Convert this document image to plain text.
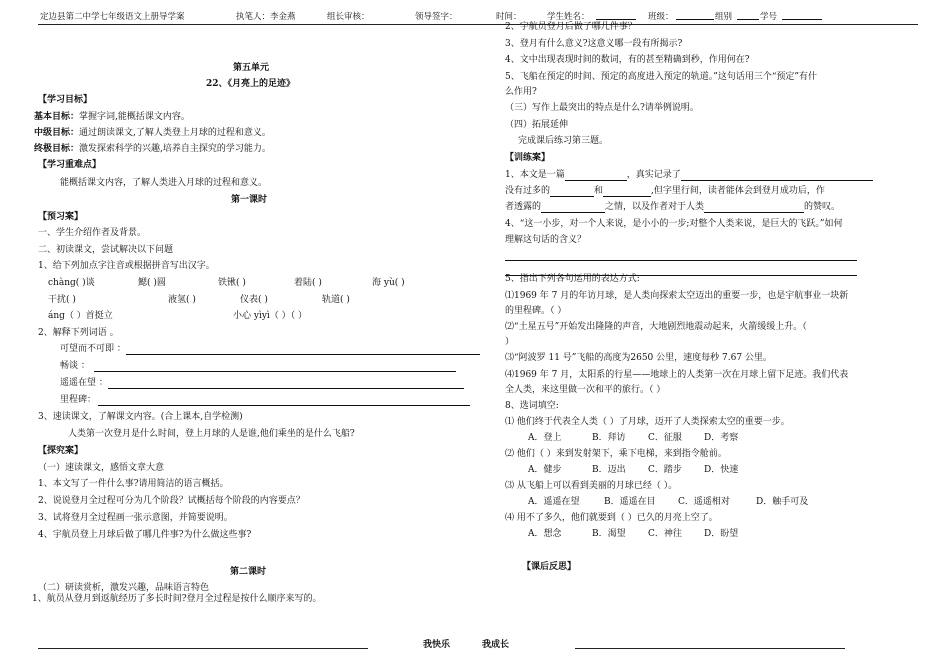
定边县第二中学七年级语文上册导学案	执笔人：李金燕	组长审核：	领导签字：	时间：	学生姓名：	班级：	组别	学号
第五单元
22、《月亮上的足迹》
【学习目标】
基本目标：掌握字词,能概括课文内容。
中级目标：通过朗读课文,了解人类登上月球的过程和意义。
终极目标：激发探索科学的兴趣,培养自主探究的学习能力。
【学习重难点】
能概括课文内容，了解人类进入月球的过程和意义。
第一课时
【预习案】
一、学生介绍作者及背景。
二、初读课文，尝试解决以下问题
1、给下列加点字注音或根据拼音写出汉字。
chàng( )谈	鳃( )圆	铁锹( )	着陆( )	海 yù( )
干扰( )	液氢( )	仪表( )	轨道( )
áng（ ）首挺立	小心 yìyì（ ）（ ）
2、解释下列词语 。
可望而不可即 ：
畅谈 ：
遥遥在望 ：
里程碑：
3、速读课文，了解课文内容。(合上课本,自学检测)
人类第一次登月是什么时间，登上月球的人是谁,他们乘坐的是什么飞船?
【探究案】
（一）速读课文，感悟文章大意
1、本文写了一件什么事?请用简洁的语言概括。
2、说说登月全过程可分为几个阶段？试概括每个阶段的内容要点？
3、试将登月全过程画一张示意图，并简要说明。
4、宇航员登上月球后做了哪几件事?为什么做这些事?
第二课时
（二）研读赏析，激发兴趣，品味语言特色
1、航员从登月到返航经历了多长时间?登月全过程是按什么顺序来写的。
2、宇航员登月后做了哪几件事？
3、登月有什么意义?这意义哪一段有所揭示?
4、文中出现表现时间的数词，有的甚至精确到秒，作用何在?
5、飞船在预定的时间、预定的高度进入预定的轨道。”这句话用三个“预定”有什
么作用?
（三）写作上最突出的特点是什么?请举例说明。
（四）拓展延伸
完成课后练习第三题。
【训练案】
1、本文是一篇	，真实记录了
没有过多的	和	,但字里行间，读者能体会到登月成功后，作
者透露的	之情，以及作者对于人类	的赞叹。
4、“这一小步，对一个人来说，是小小的一步;对整个人类来说，是巨大的飞跃。”如何
理解这句话的含义？
5、指出下列各句运用的表达方式:
⑴1969 年 7 月的年访月球，是人类向探索太空迈出的重要一步，也是宇航事业一块新
的里程碑。（ ）
⑵“土星五号”开始发出隆隆的声音，大地剧烈地震动起来，火箭缓缓上升。（
）
⑶“阿波罗 11 号”飞船的高度为2650 公里，速度每秒 7.67 公里。
⑷1969 年 7 月，太阳系的行星——地球上的人类第一次在月球上留下足迹。我们代表
全人类，来这里做一次和平的旅行。（ ）
8、选词填空:
⑴ 他们终于代表全人类（ ）了月球，迈开了人类探索太空的重要一步。
A．登上	B．拜访 C．征服 D．考察
⑵ 他们（ ）来到发射架下，乘下电梯，来到指令舱前。
A．健步	B．迈出 C．踏步 D．快速
⑶ 从飞船上可以看到美丽的月球已经（ ）。
A．遥遥在望	B．遥遥在目 C．遥遥相对	D．触手可及
⑷ 用不了多久，他们就要到（ ）已久的月亮上空了。
A．想念	B．渴望 C．神往 D．盼望
【课后反思】
我快乐	我成长
